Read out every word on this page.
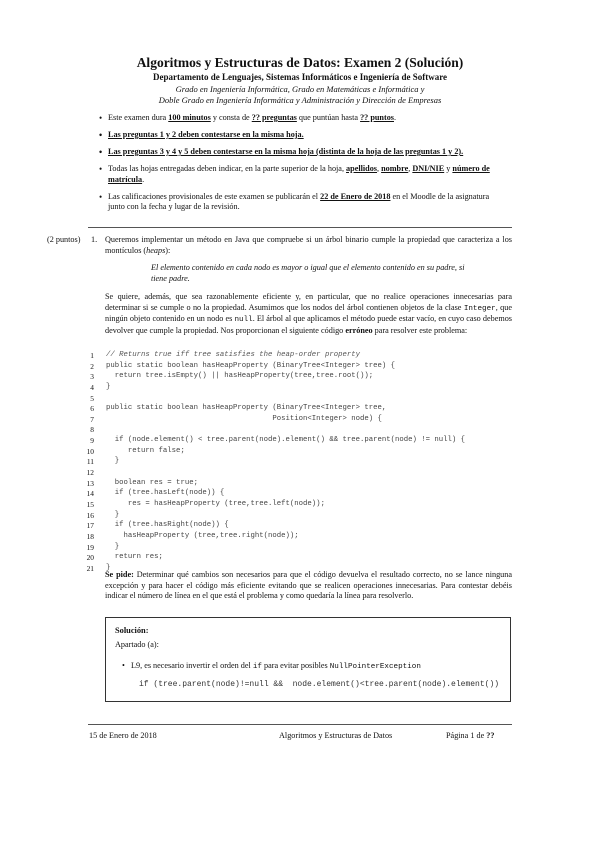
Algoritmos y Estructuras de Datos: Examen 2 (Solución)
Departamento de Lenguajes, Sistemas Informáticos e Ingeniería de Software
Grado en Ingeniería Informática, Grado en Matemáticas e Informática y
Doble Grado en Ingeniería Informática y Administración y Dirección de Empresas
• Este examen dura 100 minutos y consta de ?? preguntas que puntúan hasta ?? puntos.
• Las preguntas 1 y 2 deben contestarse en la misma hoja.
• Las preguntas 3 y 4 y 5 deben contestarse en la misma hoja (distinta de la hoja de las preguntas 1 y 2).
• Todas las hojas entregadas deben indicar, en la parte superior de la hoja, apellidos, nombre, DNI/NIE y número de matrícula.
• Las calificaciones provisionales de este examen se publicarán el 22 de Enero de 2018 en el Moodle de la asignatura junto con la fecha y lugar de la revisión.
(2 puntos) 1. Queremos implementar un método en Java que compruebe si un árbol binario cumple la propiedad que caracteriza a los montículos (heaps):
El elemento contenido en cada nodo es mayor o igual que el elemento contenido en su padre, si tiene padre.
Se quiere, además, que sea razonablemente eficiente y, en particular, que no realice operaciones innecesarias para determinar si se cumple o no la propiedad. Asumimos que los nodos del árbol contienen objetos de la clase Integer, que ningún objeto contenido en un nodo es null. El árbol al que aplicamos el método puede estar vacío, en cuyo caso debemos devolver que cumple la propiedad. Nos proporcionan el siguiente código erróneo para resolver este problema:
1 // Returns true iff tree satisfies the heap-order property
2 public static boolean hasHeapProperty (BinaryTree<Integer> tree) {
3 return tree.isEmpty() || hasHeapProperty(tree,tree.root());
4 }
5
6 public static boolean hasHeapProperty (BinaryTree<Integer> tree,
7 Position<Integer> node) {
8
9 if (node.element() < tree.parent(node).element() && tree.parent(node) != null) {
10 return false;
11 }
12
13 boolean res = true;
14 if (tree.hasLeft(node)) {
15 res = hasHeapProperty (tree,tree.left(node));
16 }
17 if (tree.hasRight(node)) {
18 hasHeapProperty (tree,tree.right(node));
19 }
20 return res;
21 }
Se pide: Determinar qué cambios son necesarios para que el código devuelva el resultado correcto, no se lance ninguna excepción y para hacer el código más eficiente evitando que se realicen operaciones innecesarias. Para contestar debéis indicar el número de línea en el que está el problema y como quedaría la línea para resolverlo.
Solución:
Apartado (a):
• L9, es necesario invertir el orden del if para evitar posibles NullPointerException
if (tree.parent(node)!=null &&  node.element()<tree.parent(node).element())
15 de Enero de 2018	Algoritmos y Estructuras de Datos	Página 1 de ??
